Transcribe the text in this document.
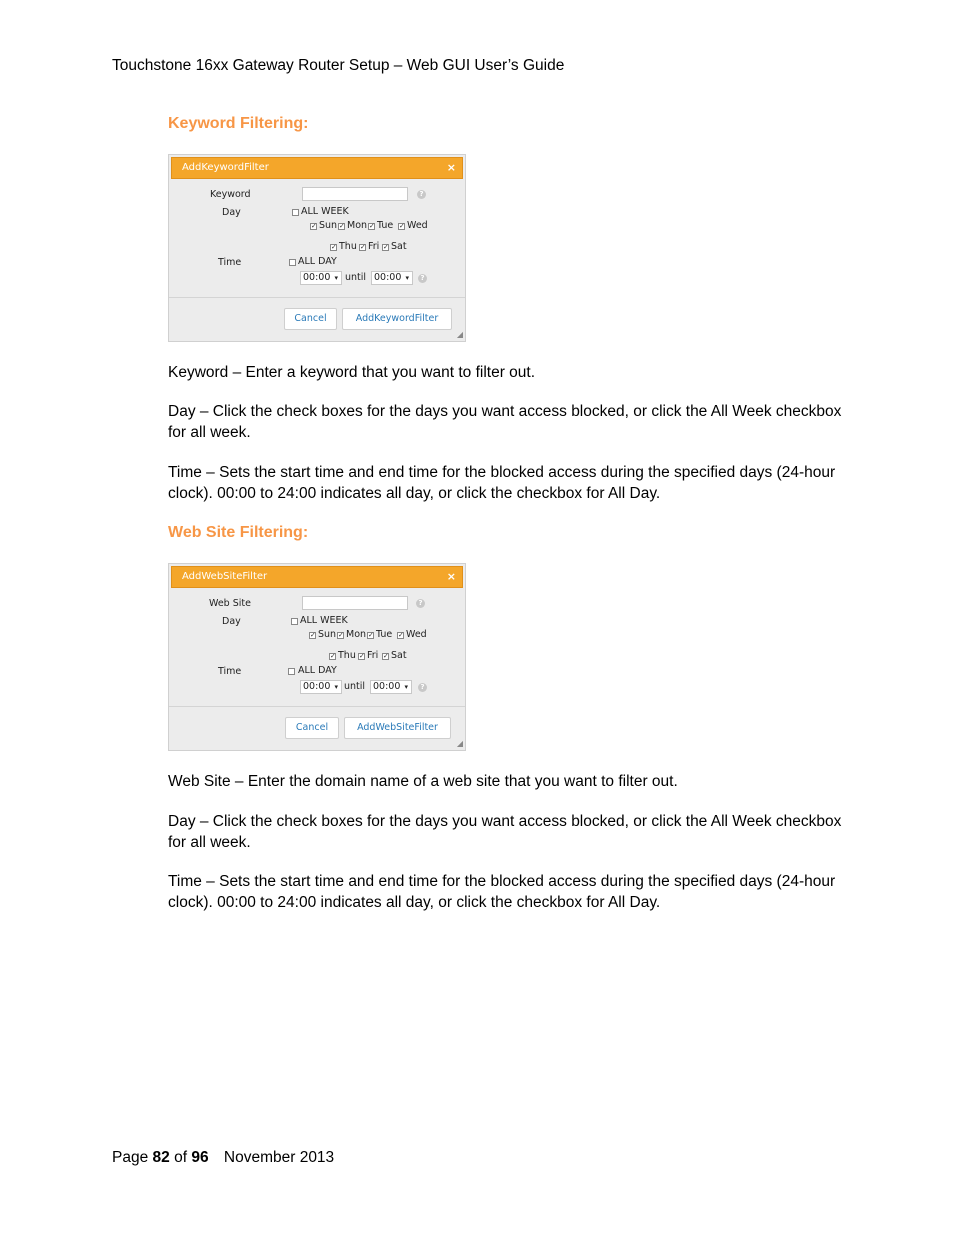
Touchstone 16xx Gateway Router Setup – Web GUI User’s Guide
Keyword Filtering:
AddKeywordFilter	×
Keyword	?
Day	ALL WEEK
✓
Sun ✓ Mon ✓ Tue ✓ Wed
✓
Thu ✓ Fri ✓ Sat
Time	ALL DAY
00:00 ▾ until 00:00 ▾	?
Cancel	AddKeywordFilter
◢
Keyword – Enter a keyword that you want to filter out.
Day – Click the check boxes for the days you want access blocked, or click the All Week checkbox for all week.
Time – Sets the start time and end time for the blocked access during the specified days (24-hour clock). 00:00 to 24:00 indicates all day, or click the checkbox for All Day.
Web Site Filtering:
AddWebSiteFilter	×
Web Site	?
Day	ALL WEEK
✓
Sun ✓ Mon ✓ Tue ✓ Wed
✓
Thu ✓ Fri ✓ Sat
Time	ALL DAY
00:00 ▾ until 00:00 ▾	?
Cancel	AddWebSiteFilter
◢
Web Site – Enter the domain name of a web site that you want to filter out.
Day – Click the check boxes for the days you want access blocked, or click the All Week checkbox for all week.
Time – Sets the start time and end time for the blocked access during the specified days (24-hour clock). 00:00 to 24:00 indicates all day, or click the checkbox for All Day.
Page 82 of 96 November 2013
